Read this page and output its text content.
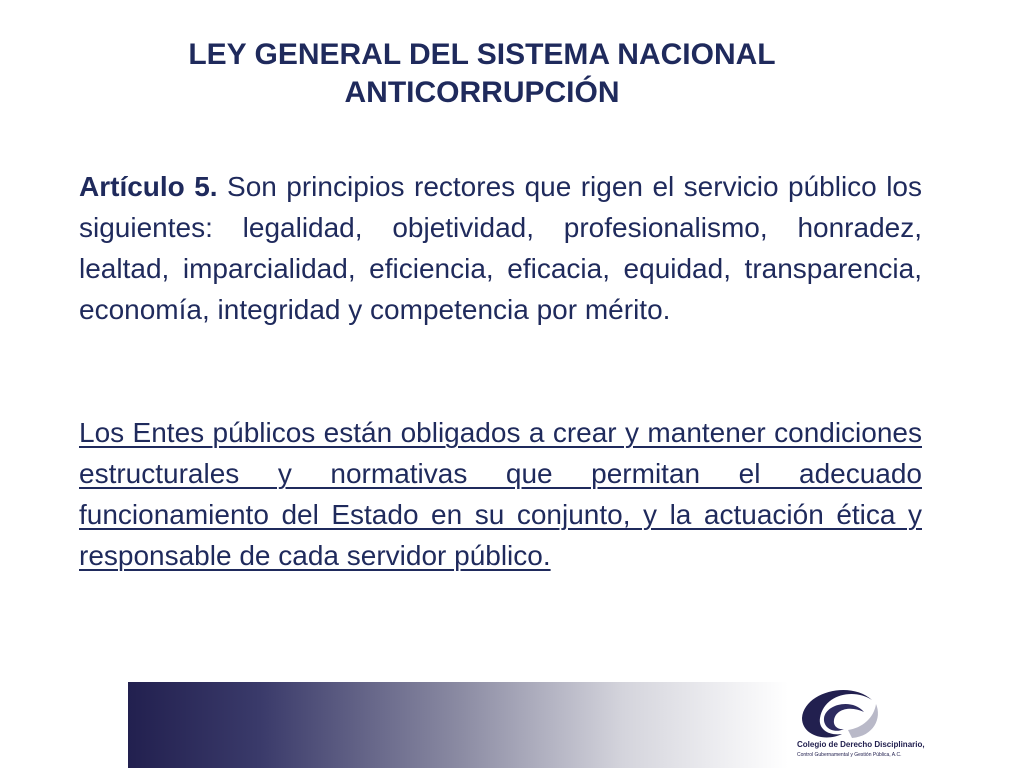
LEY GENERAL DEL SISTEMA NACIONAL
ANTICORRUPCIÓN
Artículo 5. Son principios rectores que rigen el servicio público los siguientes: legalidad, objetividad, profesionalismo, honradez, lealtad, imparcialidad, eficiencia, eficacia, equidad, transparencia, economía, integridad y competencia por mérito.
Los Entes públicos están obligados a crear y mantener condiciones estructurales y normativas que permitan el adecuado funcionamiento del Estado en su conjunto, y la actuación ética y responsable de cada servidor público.
Colegio de Derecho Disciplinario,
Control Gubernamental y Gestión Pública, A.C.
